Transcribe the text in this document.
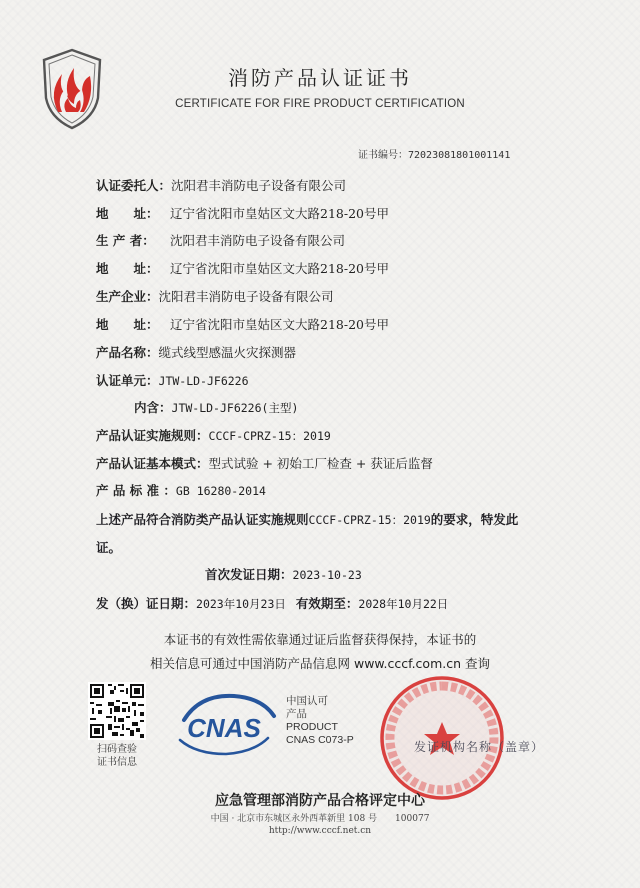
消防产品认证证书
CERTIFICATE FOR FIRE PRODUCT CERTIFICATION
证书编号：72023081801001141
认证委托人：沈阳君丰消防电子设备有限公司
地　　址： 辽宁省沈阳市皇姑区文大路218-20号甲
生 产 者： 沈阳君丰消防电子设备有限公司
地　　址： 辽宁省沈阳市皇姑区文大路218-20号甲
生产企业：沈阳君丰消防电子设备有限公司
地　　址： 辽宁省沈阳市皇姑区文大路218-20号甲
产品名称：缆式线型感温火灾探测器
认证单元：JTW-LD-JF6226
内含：JTW-LD-JF6226(主型)
产品认证实施规则：CCCF-CPRZ-15：2019
产品认证基本模式：型式试验 + 初始工厂检查 + 获证后监督
产 品 标 准 ：GB 16280-2014
上述产品符合消防类产品认证实施规则CCCF-CPRZ-15：2019的要求，特发此证。
首次发证日期：2023-10-23
发（换）证日期：2023年10月23日 有效期至：2028年10月22日
本证书的有效性需依靠通过证后监督获得保持，本证书的
相关信息可通过中国消防产品信息网 www.cccf.com.cn 查询
扫码查验
证书信息
CNAS
中国认可
产品
PRODUCT
CNAS C073-P	发证机构名称（盖章）
应急管理部消防产品合格评定中心
中国 · 北京市东城区永外西革新里 108 号　　100077
http://www.cccf.net.cn
